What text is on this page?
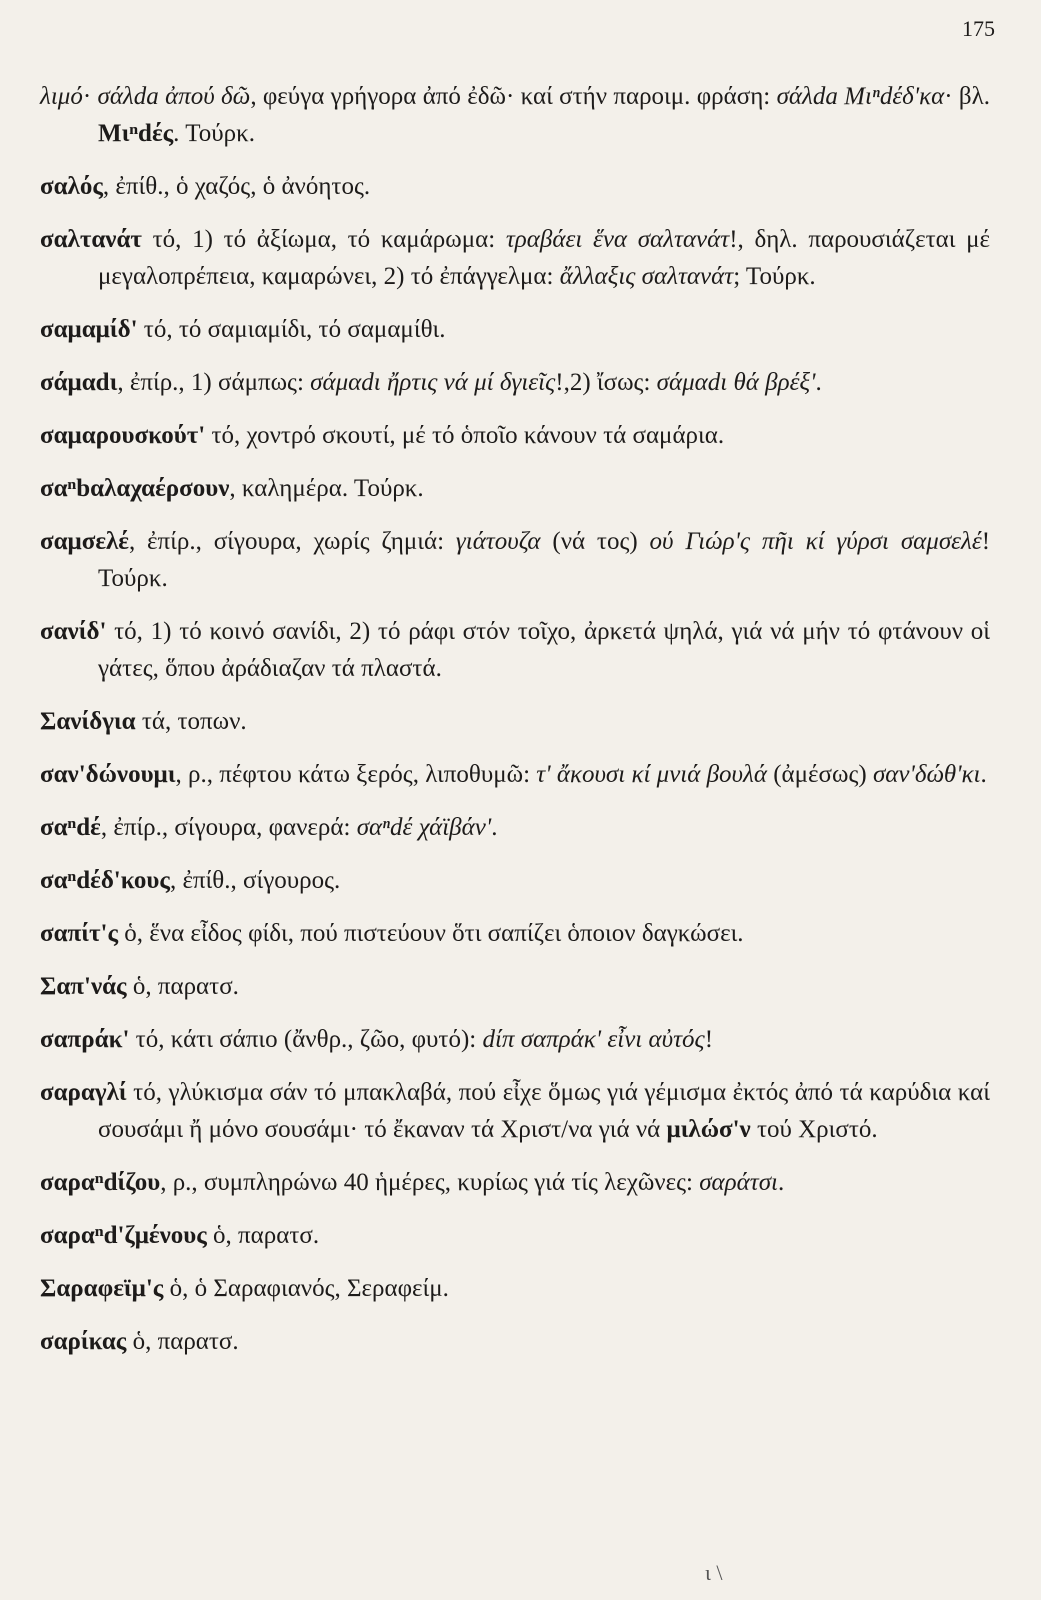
175
λιμό· σάλda ἀπού δῶ, φεύγα γρήγορα ἀπό ἐδῶ· καί στήν παροιμ. φράση: σάλda Μιⁿdέδ'κα· βλ. Μιⁿdές. Τούρκ.
σαλός, ἐπίθ., ὁ χαζός, ὁ ἀνόητος.
σαλτανάτ τό, 1) τό ἀξίωμα, τό καμάρωμα: τραβάει ἕνα σαλτανάτ!, δηλ. παρουσιάζεται μέ μεγαλοπρέπεια, καμαρώνει, 2) τό ἐπάγγελμα: ἄλλαξις σαλτανάτ; Τούρκ.
σαμαμίδ' τό, τό σαμιαμίδι, τό σαμαμίθι.
σάμαdι, ἐπίρ., 1) σάμπως: σάμαdι ἤρτις νά μί δγιεῖς!,2) ἴσως: σάμαdι θά βρέξ'.
σαμαρουσκούτ' τό, χοντρό σκουτί, μέ τό ὁποῖο κάνουν τά σαμάρια.
σαⁿbαλαχαέρσουν, καλημέρα. Τούρκ.
σαμσελέ, ἐπίρ., σίγουρα, χωρίς ζημιά: γιάτουζα (νά τος) ού Γιώρ'ς πῆι κί γύρσι σαμσελέ! Τούρκ.
σανίδ' τό, 1) τό κοινό σανίδι, 2) τό ράφι στόν τοῖχο, ἀρκετά ψηλά, γιά νά μήν τό φτάνουν οἱ γάτες, ὅπου ἀράδιαζαν τά πλαστά.
Σανίδγια τά, τοπων.
σαν'δώνουμι, ρ., πέφτου κάτω ξερός, λιποθυμῶ: τ' ἄκουσι κί μνιά βουλά (ἀμέσως) σαν'δώθ'κι.
σαⁿdέ, ἐπίρ., σίγουρα, φανερά: σαⁿdέ χάϊβάν'.
σαⁿdέδ'κους, ἐπίθ., σίγουρος.
σαπίτ'ς ὁ, ἕνα εἶδος φίδι, πού πιστεύουν ὅτι σαπίζει ὁποιον δαγκώσει.
Σαπ'νάς ὁ, παρατσ.
σαπράκ' τό, κάτι σάπιο (ἄνθρ., ζῶο, φυτό): dίπ σαπράκ' εἶνι αὐτός!
σαραγλί τό, γλύκισμα σάν τό μπακλαβά, πού εἶχε ὅμως γιά γέμισμα ἐκτός ἀπό τά καρύδια καί σουσάμι ἤ μόνο σουσάμι· τό ἔκαναν τά Χριστ/να γιά νά μιλώσ'ν τού Χριστό.
σαραⁿdίζου, ρ., συμπληρώνω 40 ἡμέρες, κυρίως γιά τίς λεχῶνες: σαράτσι.
σαραⁿd'ζμένους ὁ, παρατσ.
Σαραφεϊμ'ς ὁ, ὁ Σαραφιανός, Σεραφείμ.
σαρίκας ὁ, παρατσ.
ι \
